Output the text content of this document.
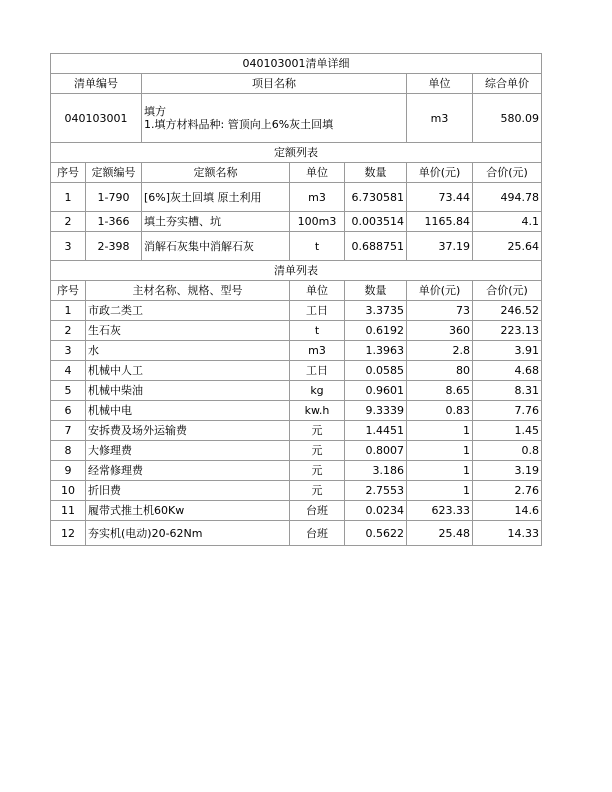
040103001清单详细						
清单编号		项目名称			单位	综合单价
040103001		填方
1.填方材料品种: 管顶向上6%灰土回填			m3	580.09
定额列表						
序号	定额编号	定额名称	单位	数量	单价(元)	合价(元)
1	1-790	[6%]灰土回填 原土利用	m3	6.730581	73.44	494.78
2	1-366	填土夯实槽、坑	100m3	0.003514	1165.84	4.1
3	2-398	消解石灰集中消解石灰	t	0.688751	37.19	25.64
清单列表						
序号	主材名称、规格、型号		单位	数量	单价(元)	合价(元)
1	市政二类工		工日	3.3735	73	246.52
2	生石灰		t	0.6192	360	223.13
3	水		m3	1.3963	2.8	3.91
4	机械中人工		工日	0.0585	80	4.68
5	机械中柴油		kg	0.9601	8.65	8.31
6	机械中电		kw.h	9.3339	0.83	7.76
7	安拆费及场外运输费		元	1.4451	1	1.45
8	大修理费		元	0.8007	1	0.8
9	经常修理费		元	3.186	1	3.19
10	折旧费		元	2.7553	1	2.76
11	履带式推土机60Kw		台班	0.0234	623.33	14.6
12	夯实机(电动)20-62Nm		台班	0.5622	25.48	14.33
